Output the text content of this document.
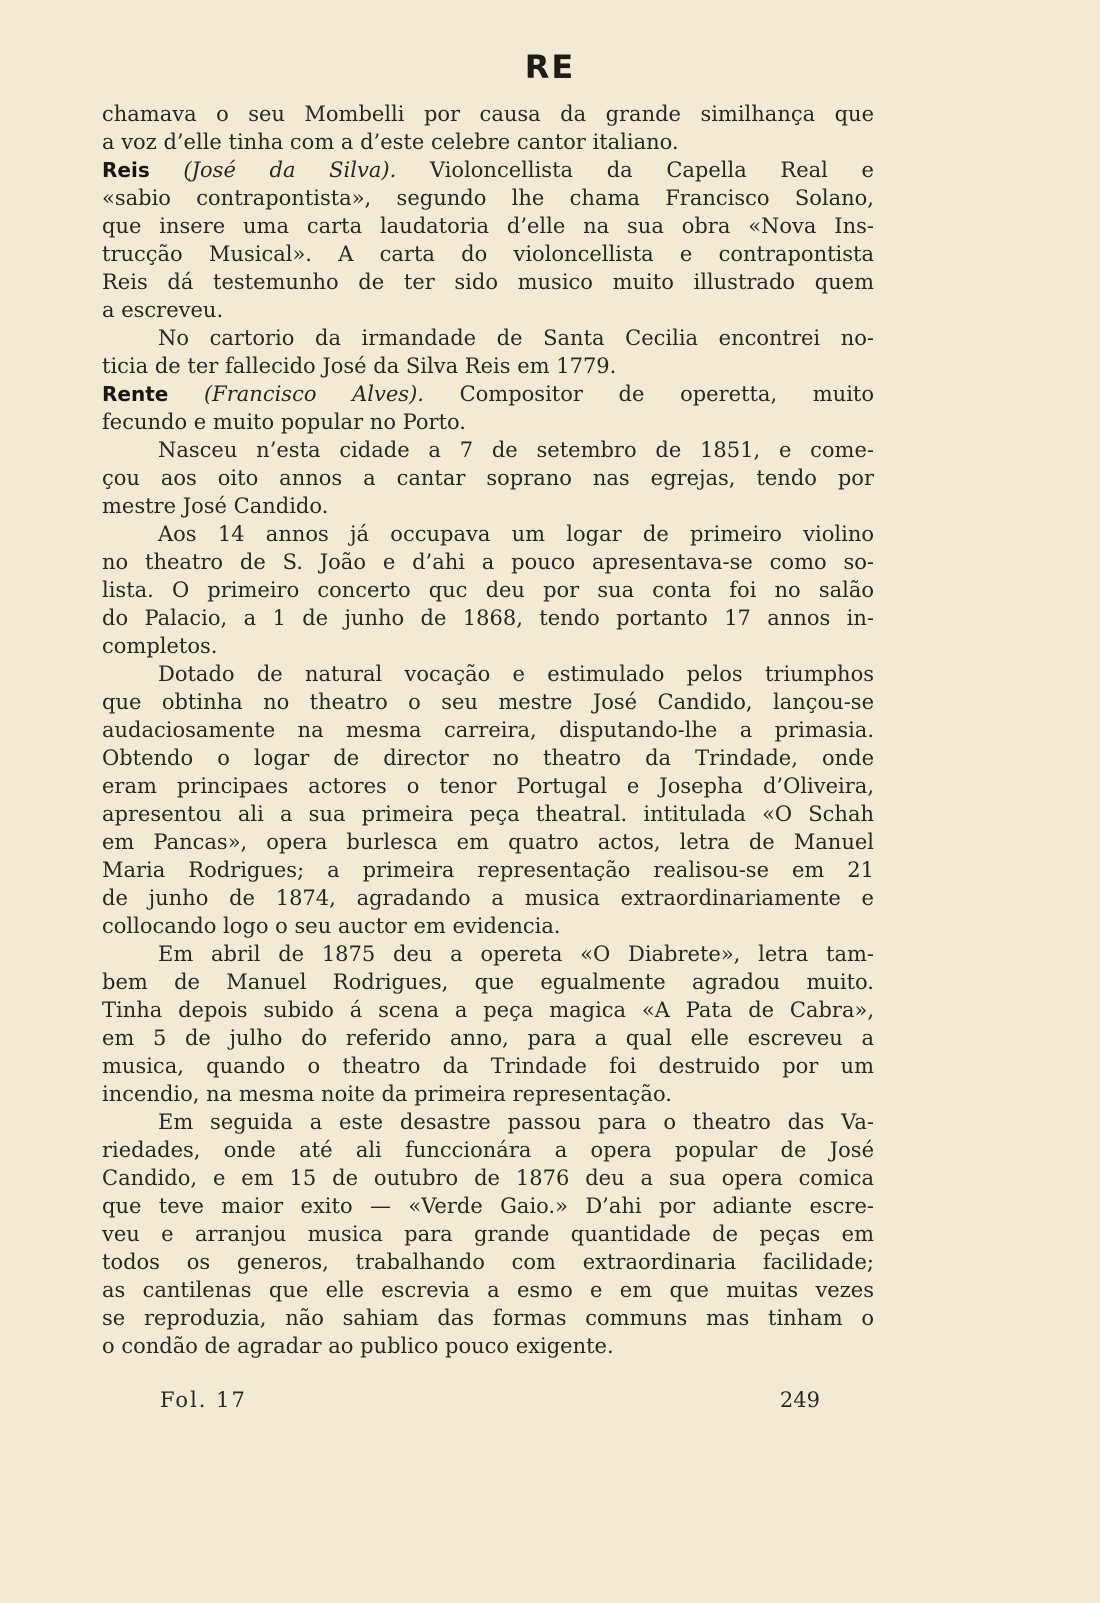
RE
chamava o seu Mombelli por causa da grande similhança que
a voz d’elle tinha com a d’este celebre cantor italiano.
Reis (José da Silva). Violoncellista da Capella Real e
«sabio contrapontista», segundo lhe chama Francisco Solano,
que insere uma carta laudatoria d’elle na sua obra «Nova Ins-
trucção Musical». A carta do violoncellista e contrapontista
Reis dá testemunho de ter sido musico muito illustrado quem
a escreveu.
No cartorio da irmandade de Santa Cecilia encontrei no-
ticia de ter fallecido José da Silva Reis em 1779.
Rente (Francisco Alves). Compositor de operetta, muito
fecundo e muito popular no Porto.
Nasceu n’esta cidade a 7 de setembro de 1851, e come-
çou aos oito annos a cantar soprano nas egrejas, tendo por
mestre José Candido.
Aos 14 annos já occupava um logar de primeiro violino
no theatro de S. João e d’ahi a pouco apresentava-se como so-
lista. O primeiro concerto quc deu por sua conta foi no salão
do Palacio, a 1 de junho de 1868, tendo portanto 17 annos in-
completos.
Dotado de natural vocação e estimulado pelos triumphos
que obtinha no theatro o seu mestre José Candido, lançou-se
audaciosamente na mesma carreira, disputando-lhe a primasia.
Obtendo o logar de director no theatro da Trindade, onde
eram principaes actores o tenor Portugal e Josepha d’Oliveira,
apresentou ali a sua primeira peça theatral. intitulada «O Schah
em Pancas», opera burlesca em quatro actos, letra de Manuel
Maria Rodrigues; a primeira representação realisou-se em 21
de junho de 1874, agradando a musica extraordinariamente e
collocando logo o seu auctor em evidencia.
Em abril de 1875 deu a opereta «O Diabrete», letra tam-
bem de Manuel Rodrigues, que egualmente agradou muito.
Tinha depois subido á scena a peça magica «A Pata de Cabra»,
em 5 de julho do referido anno, para a qual elle escreveu a
musica, quando o theatro da Trindade foi destruido por um
incendio, na mesma noite da primeira representação.
Em seguida a este desastre passou para o theatro das Va-
riedades, onde até ali funccionára a opera popular de José
Candido, e em 15 de outubro de 1876 deu a sua opera comica
que teve maior exito — «Verde Gaio.» D’ahi por adiante escre-
veu e arranjou musica para grande quantidade de peças em
todos os generos, trabalhando com extraordinaria facilidade;
as cantilenas que elle escrevia a esmo e em que muitas vezes
se reproduzia, não sahiam das formas communs mas tinham o
o condão de agradar ao publico pouco exigente.
Fol. 17	249
